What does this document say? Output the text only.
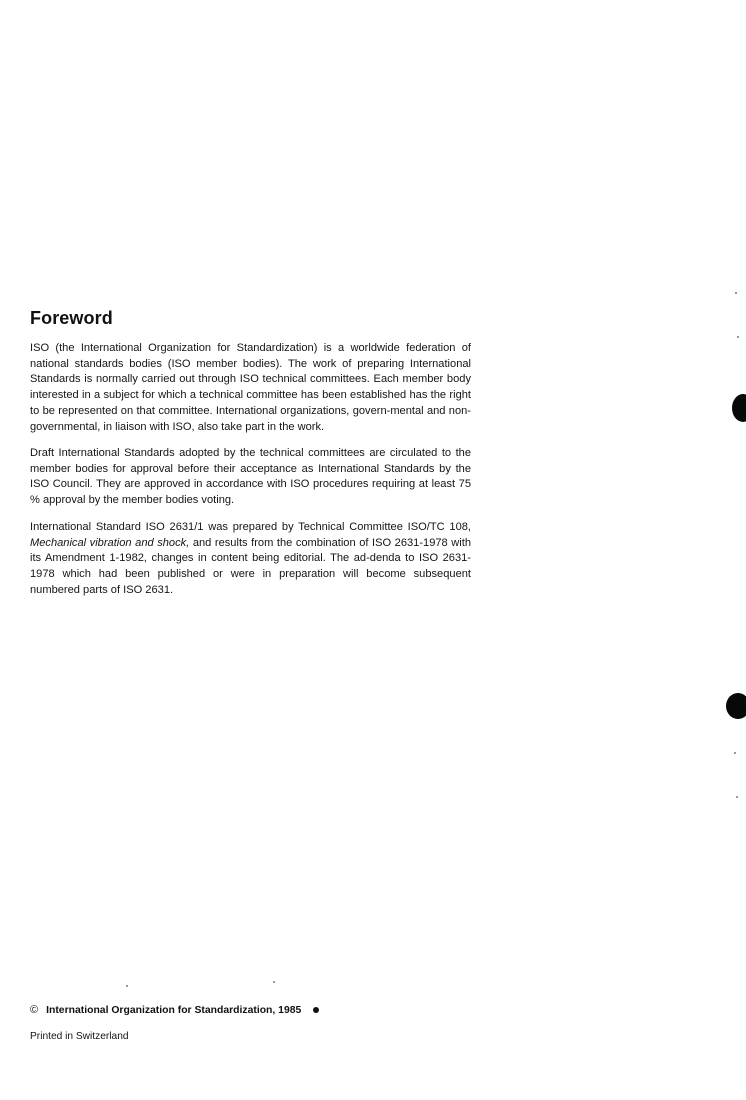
Foreword

ISO (the International Organization for Standardization) is a worldwide federation of national standards bodies (ISO member bodies). The work of preparing International Standards is normally carried out through ISO technical committees. Each member body interested in a subject for which a technical committee has been established has the right to be represented on that committee. International organizations, govern-mental and non-governmental, in liaison with ISO, also take part in the work.

Draft International Standards adopted by the technical committees are circulated to the member bodies for approval before their acceptance as International Standards by the ISO Council. They are approved in accordance with ISO procedures requiring at least 75 % approval by the member bodies voting.

International Standard ISO 2631/1 was prepared by Technical Committee ISO/TC 108, Mechanical vibration and shock, and results from the combination of ISO 2631-1978 with its Amendment 1-1982, changes in content being editorial. The ad-denda to ISO 2631-1978 which had been published or were in preparation will become subsequent numbered parts of ISO 2631.

© International Organization for Standardization, 1985
Printed in Switzerland
